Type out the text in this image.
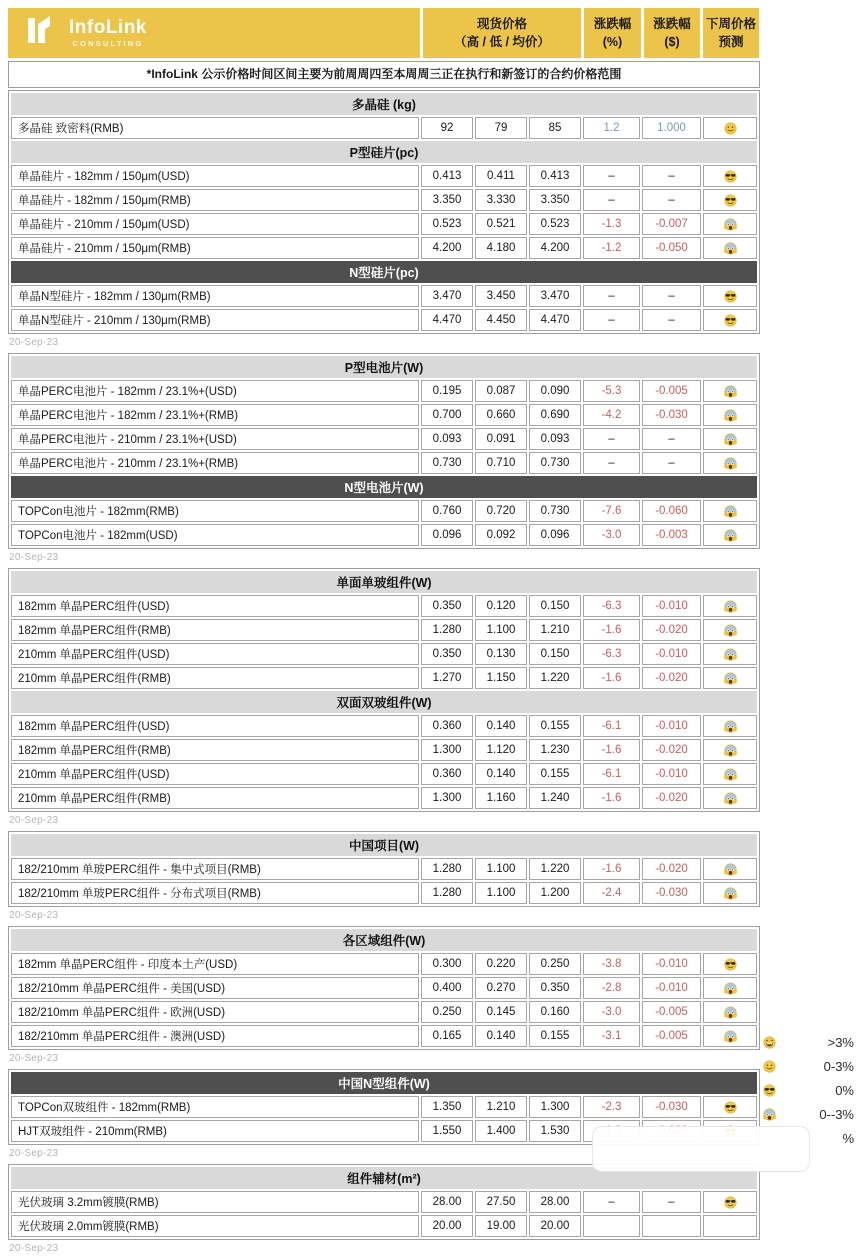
InfoLink
CONSULTING
现货价格
（高 / 低 / 均价）
涨跌幅
(%)
涨跌幅
($)
下周价格
预测
*InfoLink 公示价格时间区间主要为前周周四至本周周三正在执行和新签订的合约价格范围
多晶硅 (kg)						
多晶硅 致密料(RMB)	92	79	85	1.2	1.000	
P型硅片(pc)						
单晶硅片 - 182mm / 150μm(USD)	0.413	0.411	0.413	–	–	
单晶硅片 - 182mm / 150μm(RMB)	3.350	3.330	3.350	–	–	
单晶硅片 - 210mm / 150μm(USD)	0.523	0.521	0.523	-1.3	-0.007	
单晶硅片 - 210mm / 150μm(RMB)	4.200	4.180	4.200	-1.2	-0.050	
N型硅片(pc)						
单晶N型硅片 - 182mm / 130μm(RMB)	3.470	3.450	3.470	–	–	
单晶N型硅片 - 210mm / 130μm(RMB)	4.470	4.450	4.470	–	–	
20-Sep-23
P型电池片(W)						
单晶PERC电池片 - 182mm / 23.1%+(USD)	0.195	0.087	0.090	-5.3	-0.005	
单晶PERC电池片 - 182mm / 23.1%+(RMB)	0.700	0.660	0.690	-4.2	-0.030	
单晶PERC电池片 - 210mm / 23.1%+(USD)	0.093	0.091	0.093	–	–	
单晶PERC电池片 - 210mm / 23.1%+(RMB)	0.730	0.710	0.730	–	–	
N型电池片(W)						
TOPCon电池片 - 182mm(RMB)	0.760	0.720	0.730	-7.6	-0.060	
TOPCon电池片 - 182mm(USD)	0.096	0.092	0.096	-3.0	-0.003	
20-Sep-23
单面单玻组件(W)						
182mm 单晶PERC组件(USD)	0.350	0.120	0.150	-6.3	-0.010	
182mm 单晶PERC组件(RMB)	1.280	1.100	1.210	-1.6	-0.020	
210mm 单晶PERC组件(USD)	0.350	0.130	0.150	-6.3	-0.010	
210mm 单晶PERC组件(RMB)	1.270	1.150	1.220	-1.6	-0.020	
双面双玻组件(W)						
182mm 单晶PERC组件(USD)	0.360	0.140	0.155	-6.1	-0.010	
182mm 单晶PERC组件(RMB)	1.300	1.120	1.230	-1.6	-0.020	
210mm 单晶PERC组件(USD)	0.360	0.140	0.155	-6.1	-0.010	
210mm 单晶PERC组件(RMB)	1.300	1.160	1.240	-1.6	-0.020	
20-Sep-23
中国项目(W)						
182/210mm 单玻PERC组件 - 集中式项目(RMB)	1.280	1.100	1.220	-1.6	-0.020	
182/210mm 单玻PERC组件 - 分布式项目(RMB)	1.280	1.100	1.200	-2.4	-0.030	
20-Sep-23
各区域组件(W)						
182mm 单晶PERC组件 - 印度本土产(USD)	0.300	0.220	0.250	-3.8	-0.010	
182/210mm 单晶PERC组件 - 美国(USD)	0.400	0.270	0.350	-2.8	-0.010	
182/210mm 单晶PERC组件 - 欧洲(USD)	0.250	0.145	0.160	-3.0	-0.005	
182/210mm 单晶PERC组件 - 澳洲(USD)	0.165	0.140	0.155	-3.1	-0.005	
20-Sep-23
中国N型组件(W)						
TOPCon双玻组件 - 182mm(RMB)	1.350	1.210	1.300	-2.3	-0.030	
HJT双玻组件 - 210mm(RMB)	1.550	1.400	1.530			
20-Sep-23
组件辅材(m²)						
光伏玻璃 3.2mm镀膜(RMB)	28.00	27.50	28.00	–	–	
光伏玻璃 2.0mm镀膜(RMB)	20.00	19.00	20.00			
20-Sep-23
>3%
0-3%
0%
0--3%
%
